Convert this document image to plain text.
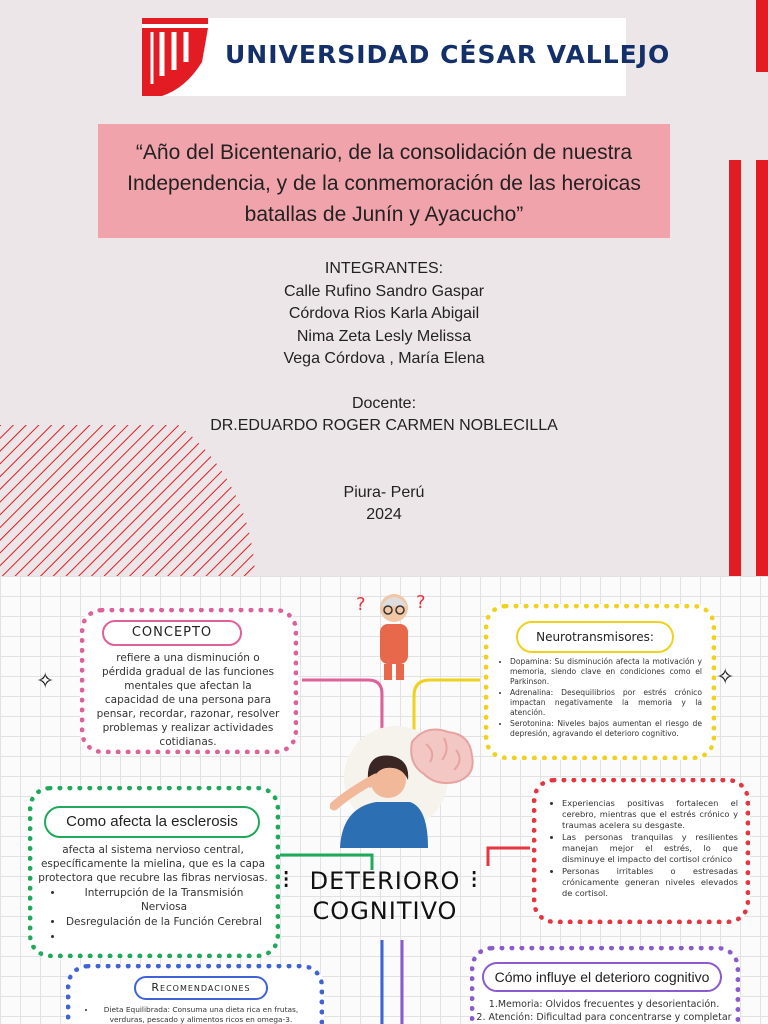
UNIVERSIDAD CÉSAR VALLEJO
“Año del Bicentenario, de la consolidación de nuestra Independencia, y de la conmemoración de las heroicas batallas de Junín y Ayacucho”
INTEGRANTES:
Calle Rufino Sandro Gaspar
Córdova Rios Karla Abigail
Nima Zeta Lesly Melissa
Vega Córdova , María Elena
Docente:
DR.EDUARDO ROGER CARMEN NOBLECILLA
Piura- Perú
2024
✧	✧
?	?
CONCEPTO
refiere a una disminución o pérdida gradual de las funciones mentales que afectan la capacidad de una persona para pensar, recordar, razonar, resolver problemas y realizar actividades cotidianas.
Neurotransmisores:
• Dopamina: Su disminución afecta la motivación y memoria, siendo clave en condiciones como el Parkinson.
• Adrenalina: Desequilibrios por estrés crónico impactan negativamente la memoria y la atención.
• Serotonina: Niveles bajos aumentan el riesgo de depresión, agravando el deterioro cognitivo.
Como afecta la esclerosis
afecta al sistema nervioso central, específicamente la mielina, que es la capa protectora que recubre las fibras nerviosas.
• Interrupción de la Transmisión Nerviosa
• Desregulación de la Función Cerebral
•
• Experiencias positivas fortalecen el cerebro, mientras que el estrés crónico y traumas acelera su desgaste.
• Las personas tranquilas y resilientes manejan mejor el estrés, lo que disminuye el impacto del cortisol crónico
• Personas irritables o estresadas crónicamente generan niveles elevados de cortisol.
⁝	⁝
DETERIORO
COGNITIVO
Recomendaciones
• Dieta Equilibrada: Consuma una dieta rica en frutas, verduras, pescado y alimentos ricos en omega-3.
Cómo influye el deterioro cognitivo
1.Memoria: Olvidos frecuentes y desorientación.
2. Atención: Dificultad para concentrarse y completar
